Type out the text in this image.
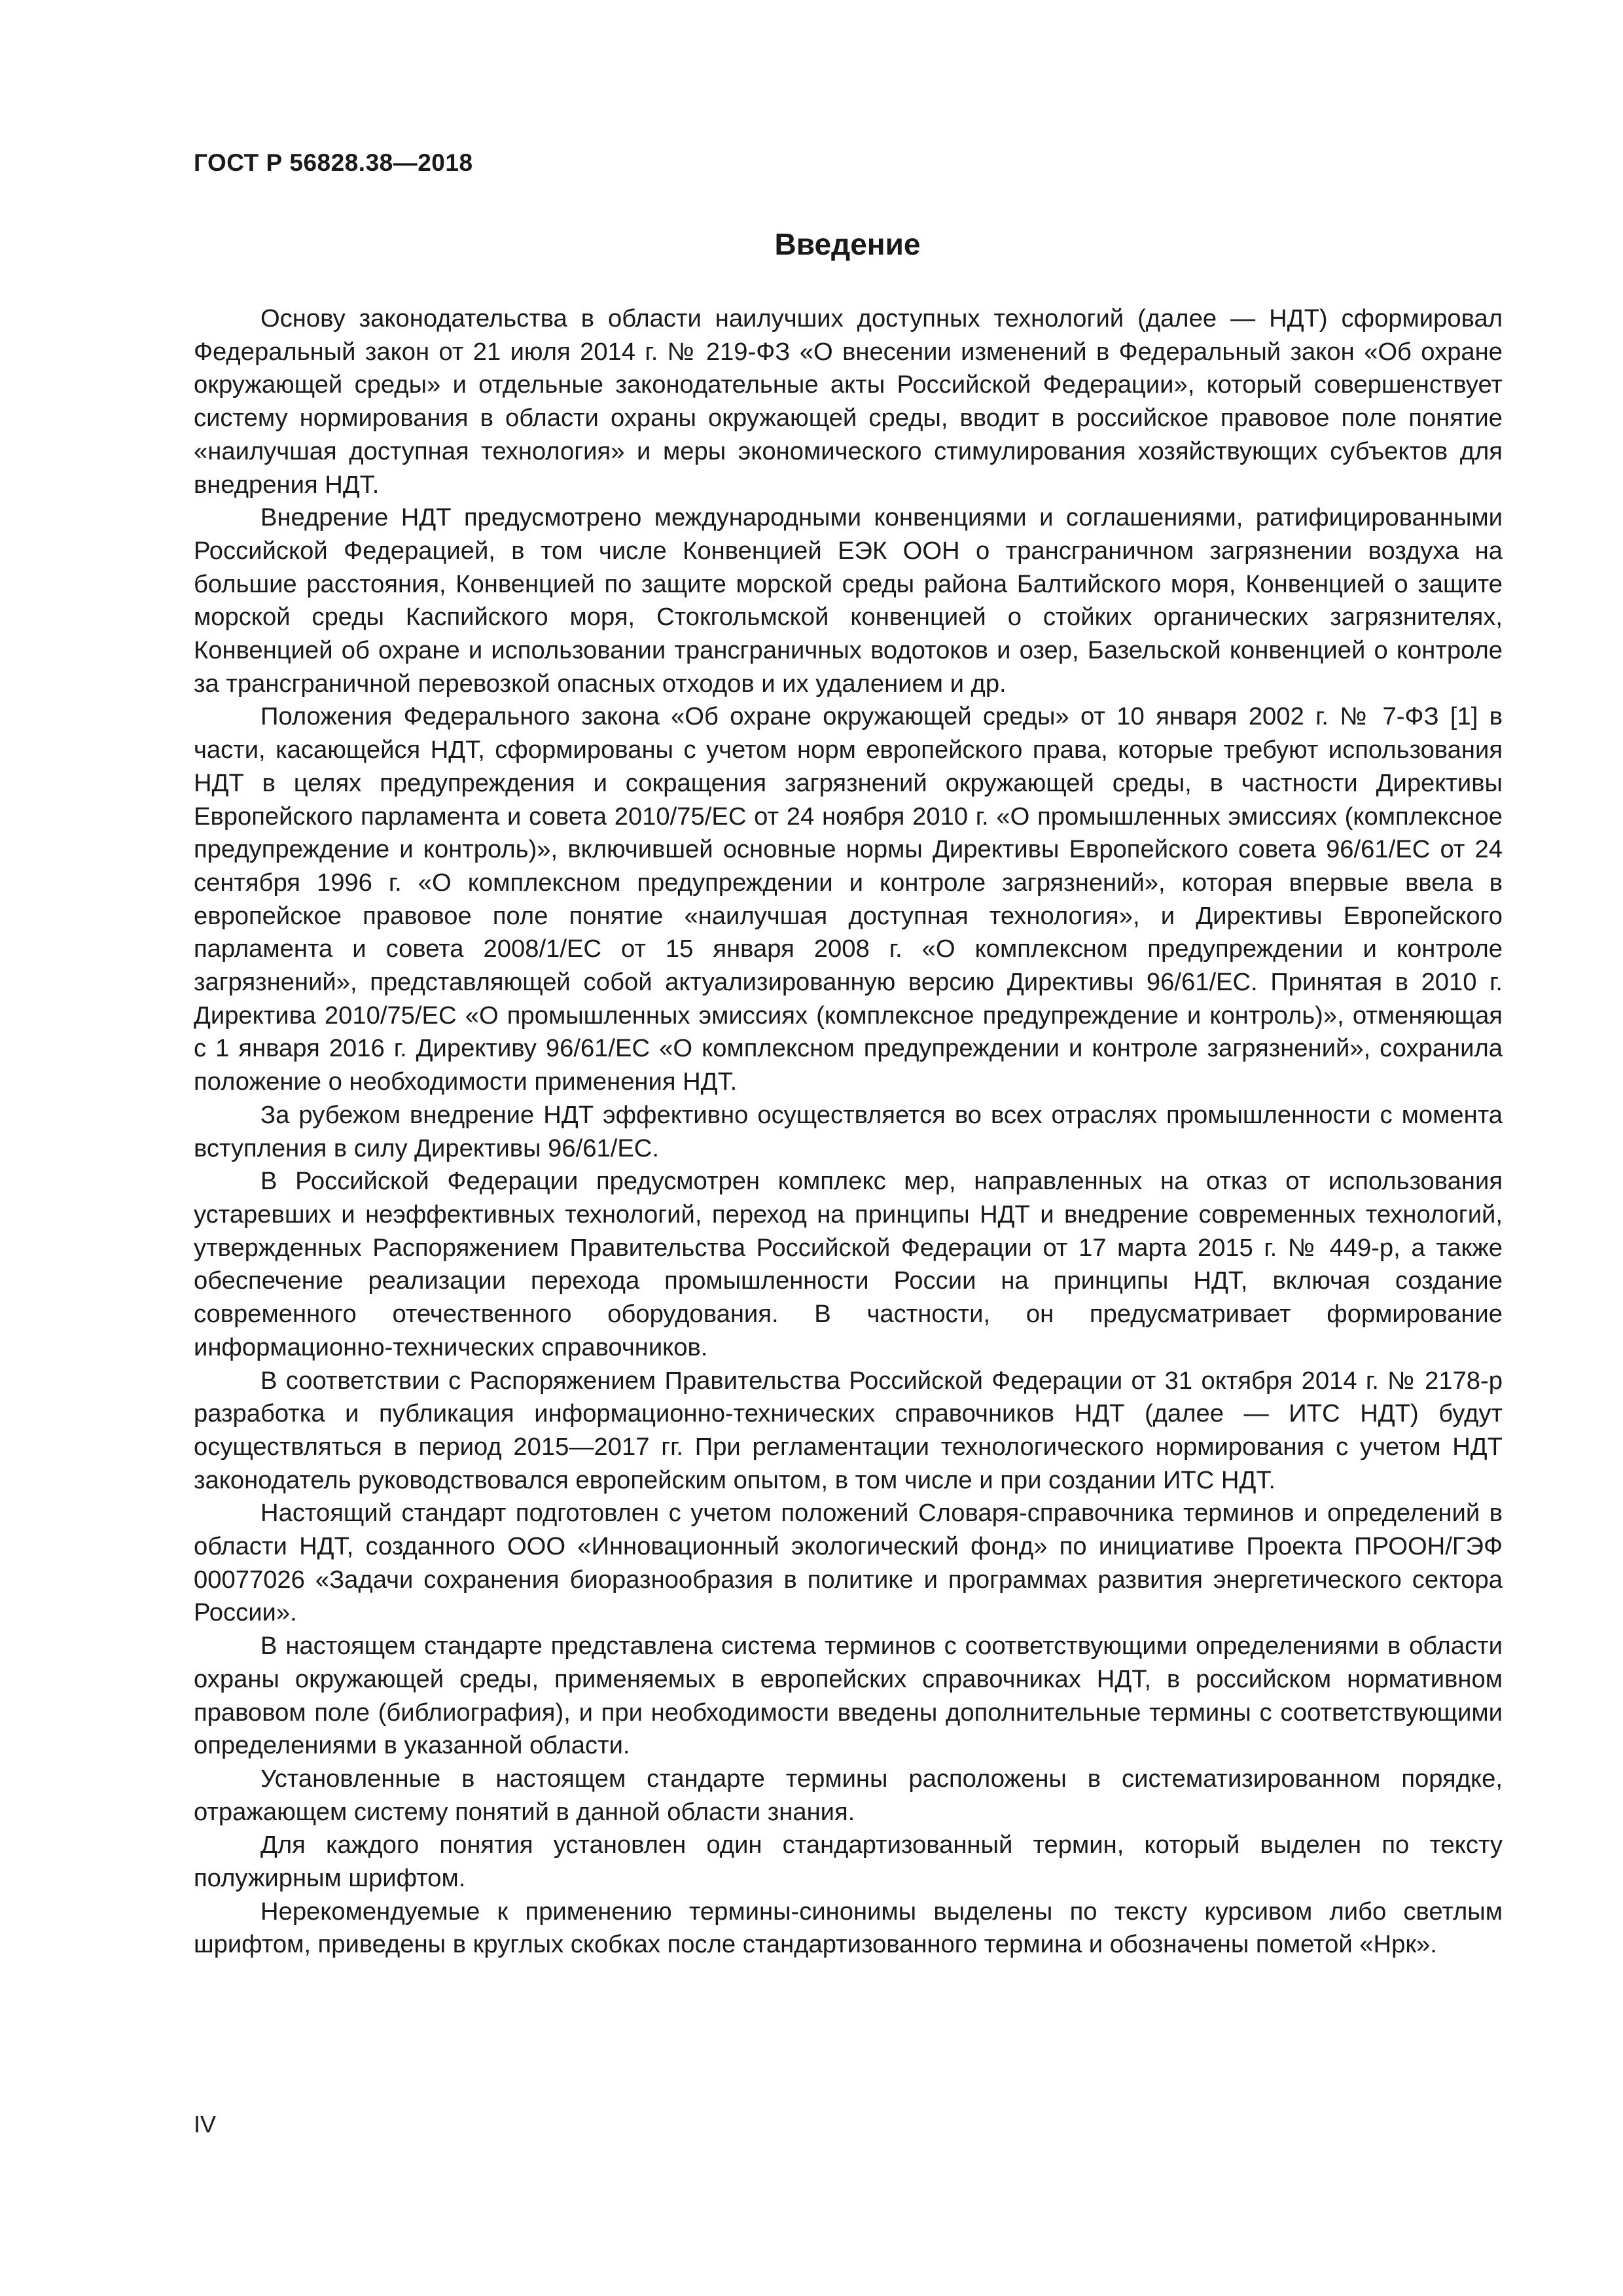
ГОСТ Р 56828.38—2018
Введение

Основу законодательства в области наилучших доступных технологий (далее — НДТ) сформировал Федеральный закон от 21 июля 2014 г. № 219-ФЗ «О внесении изменений в Федеральный закон «Об охране окружающей среды» и отдельные законодательные акты Российской Федерации», который совершенствует систему нормирования в области охраны окружающей среды, вводит в российское правовое поле понятие «наилучшая доступная технология» и меры экономического стимулирования хозяйствующих субъектов для внедрения НДТ.

Внедрение НДТ предусмотрено международными конвенциями и соглашениями, ратифицированными Российской Федерацией, в том числе Конвенцией ЕЭК ООН о трансграничном загрязнении воздуха на большие расстояния, Конвенцией по защите морской среды района Балтийского моря, Конвенцией о защите морской среды Каспийского моря, Стокгольмской конвенцией о стойких органических загрязнителях, Конвенцией об охране и использовании трансграничных водотоков и озер, Базельской конвенцией о контроле за трансграничной перевозкой опасных отходов и их удалением и др.

Положения Федерального закона «Об охране окружающей среды» от 10 января 2002 г. № 7-ФЗ [1] в части, касающейся НДТ, сформированы с учетом норм европейского права, которые требуют использования НДТ в целях предупреждения и сокращения загрязнений окружающей среды, в частности Директивы Европейского парламента и совета 2010/75/ЕС от 24 ноября 2010 г. «О промышленных эмиссиях (комплексное предупреждение и контроль)», включившей основные нормы Директивы Европейского совета 96/61/ЕС от 24 сентября 1996 г. «О комплексном предупреждении и контроле загрязнений», которая впервые ввела в европейское правовое поле понятие «наилучшая доступная технология», и Директивы Европейского парламента и совета 2008/1/ЕС от 15 января 2008 г. «О комплексном предупреждении и контроле загрязнений», представляющей собой актуализированную версию Директивы 96/61/ЕС. Принятая в 2010 г. Директива 2010/75/ЕС «О промышленных эмиссиях (комплексное предупреждение и контроль)», отменяющая с 1 января 2016 г. Директиву 96/61/ЕС «О комплексном предупреждении и контроле загрязнений», сохранила положение о необходимости применения НДТ.

За рубежом внедрение НДТ эффективно осуществляется во всех отраслях промышленности с момента вступления в силу Директивы 96/61/ЕС.

В Российской Федерации предусмотрен комплекс мер, направленных на отказ от использования устаревших и неэффективных технологий, переход на принципы НДТ и внедрение современных технологий, утвержденных Распоряжением Правительства Российской Федерации от 17 марта 2015 г. № 449-р, а также обеспечение реализации перехода промышленности России на принципы НДТ, включая создание современного отечественного оборудования. В частности, он предусматривает формирование информационно-технических справочников.

В соответствии с Распоряжением Правительства Российской Федерации от 31 октября 2014 г. № 2178-р разработка и публикация информационно-технических справочников НДТ (далее — ИТС НДТ) будут осуществляться в период 2015—2017 гг. При регламентации технологического нормирования с учетом НДТ законодатель руководствовался европейским опытом, в том числе и при создании ИТС НДТ.

Настоящий стандарт подготовлен с учетом положений Словаря-справочника терминов и определений в области НДТ, созданного ООО «Инновационный экологический фонд» по инициативе Проекта ПРООН/ГЭФ 00077026 «Задачи сохранения биоразнообразия в политике и программах развития энергетического сектора России».

В настоящем стандарте представлена система терминов с соответствующими определениями в области охраны окружающей среды, применяемых в европейских справочниках НДТ, в российском нормативном правовом поле (библиография), и при необходимости введены дополнительные термины с соответствующими определениями в указанной области.

Установленные в настоящем стандарте термины расположены в систематизированном порядке, отражающем систему понятий в данной области знания.

Для каждого понятия установлен один стандартизованный термин, который выделен по тексту полужирным шрифтом.

Нерекомендуемые к применению термины-синонимы выделены по тексту курсивом либо светлым шрифтом, приведены в круглых скобках после стандартизованного термина и обозначены пометой «Нрк».

IV
